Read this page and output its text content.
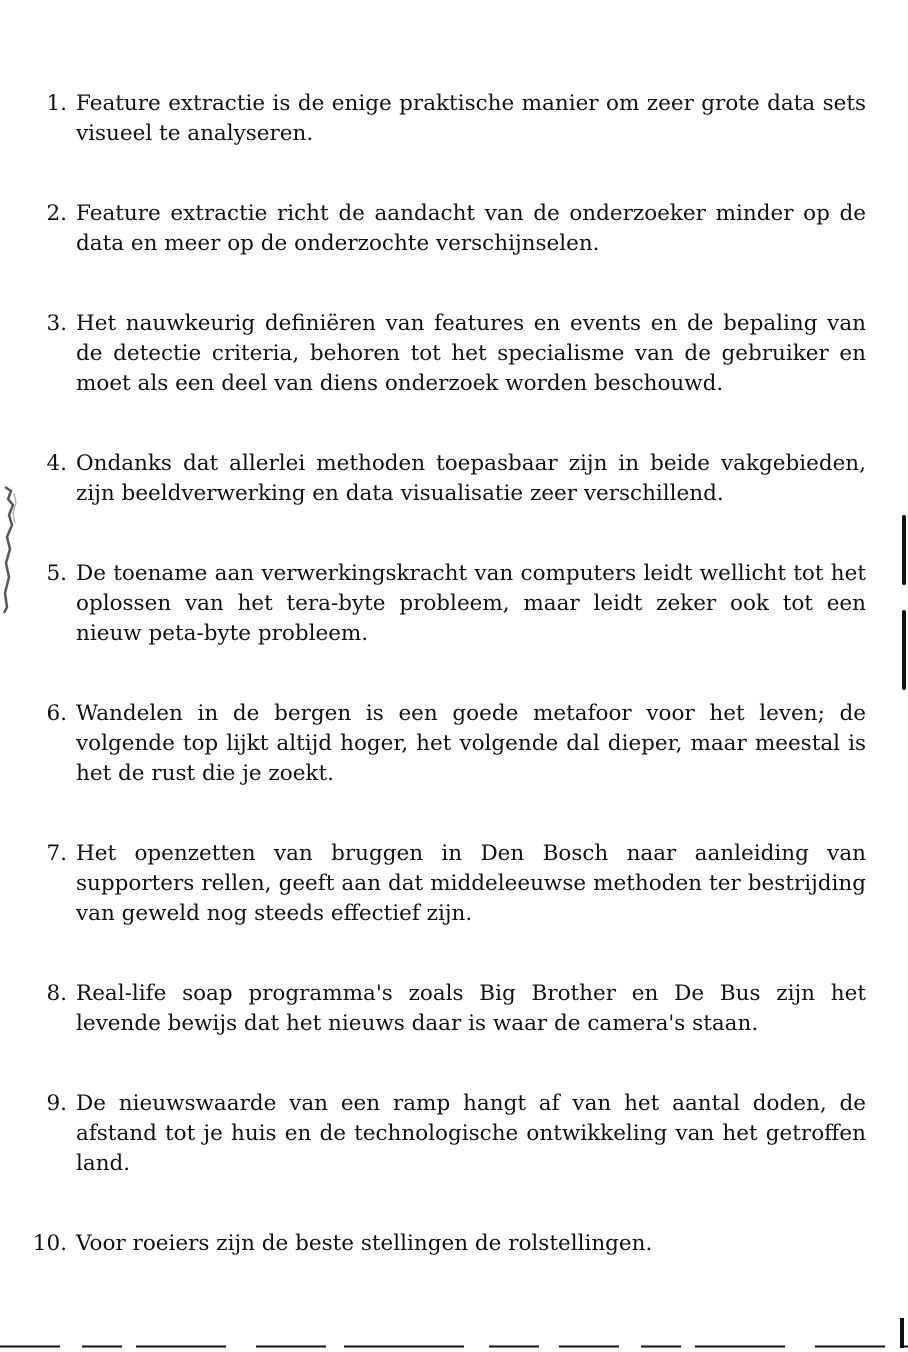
1. Feature extractie is de enige praktische manier om zeer grote data sets visueel te analyseren.
2. Feature extractie richt de aandacht van de onderzoeker minder op de data en meer op de onderzochte verschijnselen.
3. Het nauwkeurig definiëren van features en events en de bepaling van de detectie criteria, behoren tot het specialisme van de gebruiker en moet als een deel van diens onderzoek worden beschouwd.
4. Ondanks dat allerlei methoden toepasbaar zijn in beide vakgebieden, zijn beeldverwerking en data visualisatie zeer verschillend.
5. De toename aan verwerkingskracht van computers leidt wellicht tot het oplossen van het tera-byte probleem, maar leidt zeker ook tot een nieuw peta-byte probleem.
6. Wandelen in de bergen is een goede metafoor voor het leven; de volgende top lijkt altijd hoger, het volgende dal dieper, maar meestal is het de rust die je zoekt.
7. Het openzetten van bruggen in Den Bosch naar aanleiding van supporters rellen, geeft aan dat middeleeuwse methoden ter bestrijding van geweld nog steeds effectief zijn.
8. Real-life soap programma's zoals Big Brother en De Bus zijn het levende bewijs dat het nieuws daar is waar de camera's staan.
9. De nieuwswaarde van een ramp hangt af van het aantal doden, de afstand tot je huis en de technologische ontwikkeling van het getroffen land.
10. Voor roeiers zijn de beste stellingen de rolstellingen.
